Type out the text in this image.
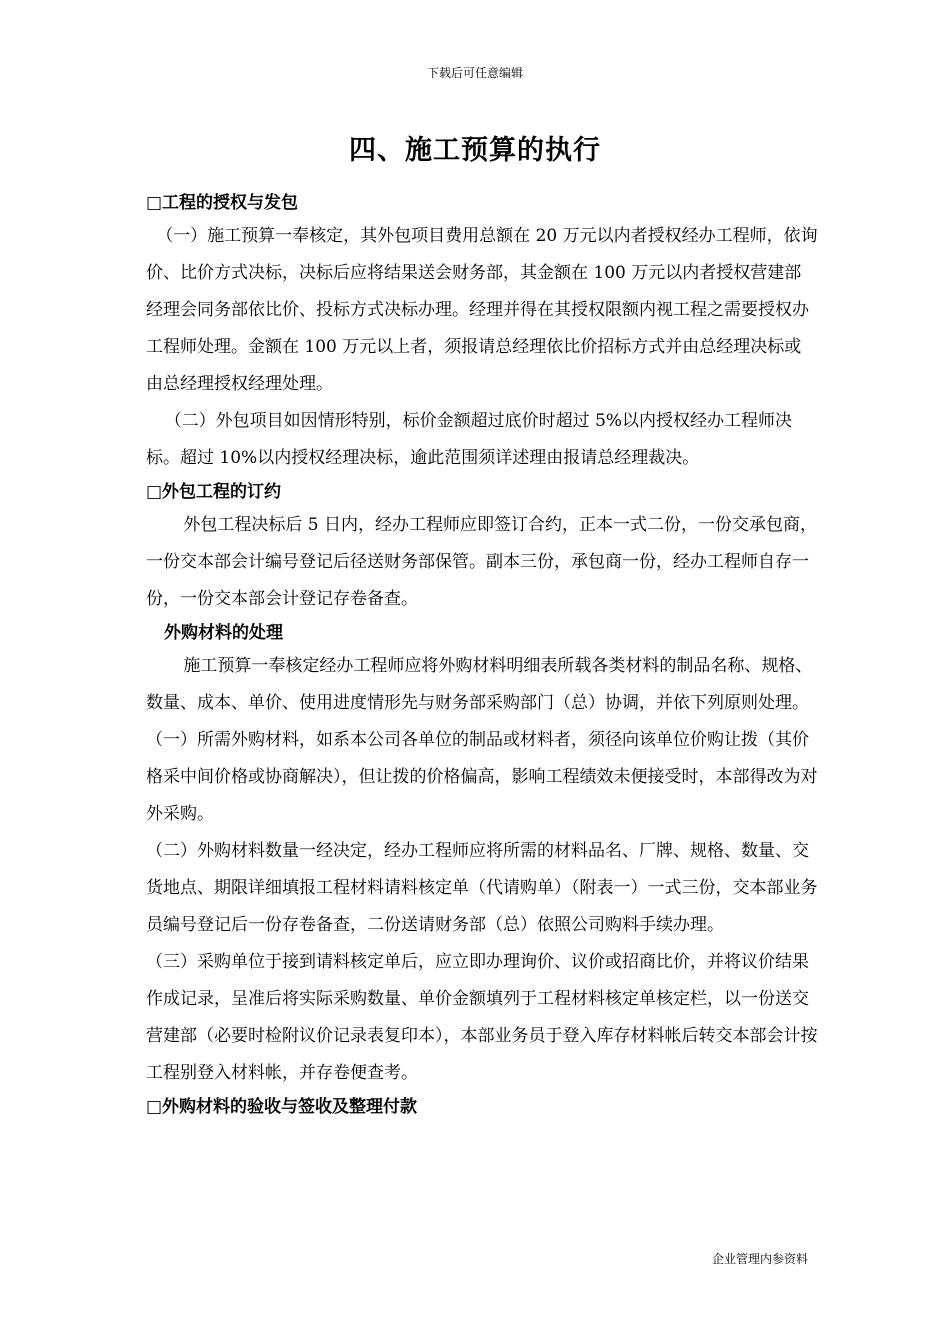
下载后可任意编辑
四、施工预算的执行

□工程的授权与发包

（一）施工预算一奉核定，其外包项目费用总额在 20 万元以内者授权经办工程师，依询价、比价方式决标，决标后应将结果送会财务部，其金额在 100 万元以内者授权营建部经理会同务部依比价、投标方式决标办理。经理并得在其授权限额内视工程之需要授权办工程师处理。金额在 100 万元以上者，须报请总经理依比价招标方式并由总经理决标或由总经理授权经理处理。

（二）外包项目如因情形特别，标价金额超过底价时超过 5%以内授权经办工程师决标。超过 10%以内授权经理决标，逾此范围须详述理由报请总经理裁决。

□外包工程的订约

外包工程决标后 5 日内，经办工程师应即签订合约，正本一式二份，一份交承包商，一份交本部会计编号登记后径送财务部保管。副本三份，承包商一份，经办工程师自存一份，一份交本部会计登记存卷备查。

外购材料的处理

施工预算一奉核定经办工程师应将外购材料明细表所载各类材料的制品名称、规格、数量、成本、单价、使用进度情形先与财务部采购部门（总）协调，并依下列原则处理。

（一）所需外购材料，如系本公司各单位的制品或材料者，须径向该单位价购让拨（其价格采中间价格或协商解决），但让拨的价格偏高，影响工程绩效未便接受时，本部得改为对外采购。

（二）外购材料数量一经决定，经办工程师应将所需的材料品名、厂牌、规格、数量、交货地点、期限详细填报工程材料请料核定单（代请购单）（附表一）一式三份，交本部业务员编号登记后一份存卷备查，二份送请财务部（总）依照公司购料手续办理。

（三）采购单位于接到请料核定单后，应立即办理询价、议价或招商比价，并将议价结果作成记录，呈准后将实际采购数量、单价金额填列于工程材料核定单核定栏，以一份送交营建部（必要时检附议价记录表复印本），本部业务员于登入库存材料帐后转交本部会计按工程别登入材料帐，并存卷便查考。

□外购材料的验收与签收及整理付款

企业管理内参资料
